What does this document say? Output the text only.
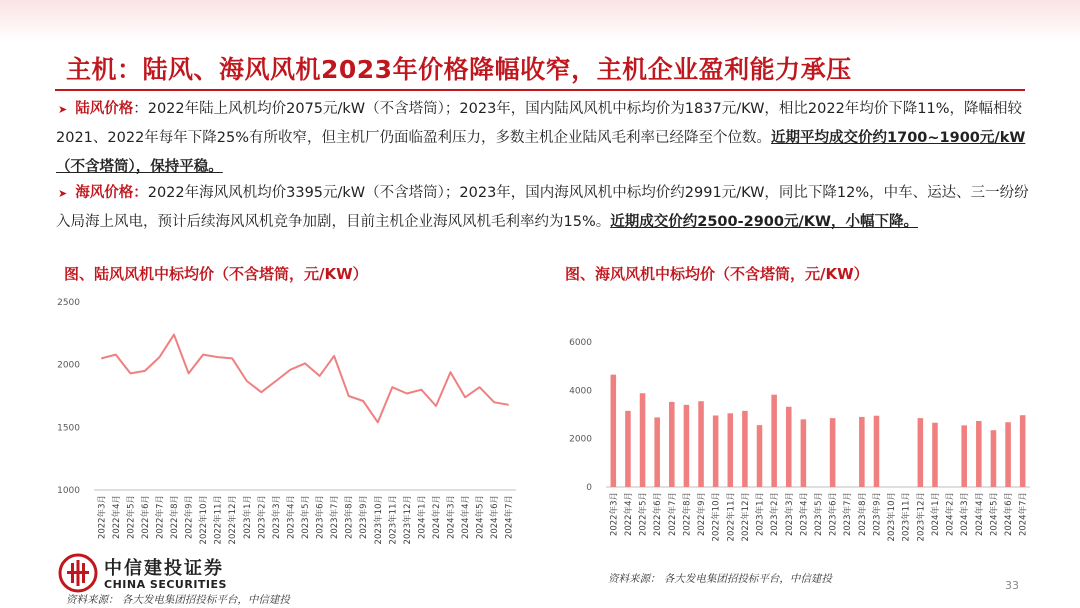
主机：陆风、海风风机2023年价格降幅收窄，主机企业盈利能力承压
➤ 陆风价格：2022年陆上风机均价2075元/kW（不含塔筒）；2023年，国内陆风风机中标均价为1837元/KW，相比2022年均价下降11%，降幅相较2021、2022年每年下降25%有所收窄，但主机厂仍面临盈利压力，多数主机企业陆风毛利率已经降至个位数。近期平均成交价约1700~1900元/kW（不含塔筒），保持平稳。
➤ 海风价格：2022年海风风机均价3395元/kW（不含塔筒）；2023年，国内海风风机中标均价约2991元/KW，同比下降12%，中车、运达、三一纷纷入局海上风电，预计后续海风风机竞争加剧，目前主机企业海风风机毛利率约为15%。近期成交价约2500-2900元/KW，小幅下降。
图、陆风风机中标均价（不含塔筒，元/KW）	图、海风风机中标均价（不含塔筒，元/KW）
1000
1500
2000
2500
2022年3月 2022年4月 2022年5月 2022年6月 2022年7月 2022年8月 2022年9月 2022年10月 2022年11月 2022年12月 2023年1月 2023年2月 2023年3月 2023年4月 2023年5月 2023年6月 2023年7月 2023年8月 2023年9月 2023年10月 2023年11月 2023年12月 2024年1月 2024年2月 2024年3月 2024年4月 2024年5月 2024年6月 2024年7月
0
2000
4000
6000
2022年3月 2022年4月 2022年5月 2022年6月 2022年7月 2022年8月 2022年9月 2022年10月 2022年11月 2022年12月 2023年1月 2023年2月 2023年3月 2023年4月 2023年5月 2023年6月 2023年7月 2023年8月 2023年9月 2023年10月 2023年11月 2023年12月 2024年1月 2024年2月 2024年3月 2024年4月 2024年5月 2024年6月 2024年7月
资料来源： 各大发电集团招投标平台，中信建投
资料来源： 各大发电集团招投标平台，中信建投
中信建投证券
CHINA SECURITIES	33
